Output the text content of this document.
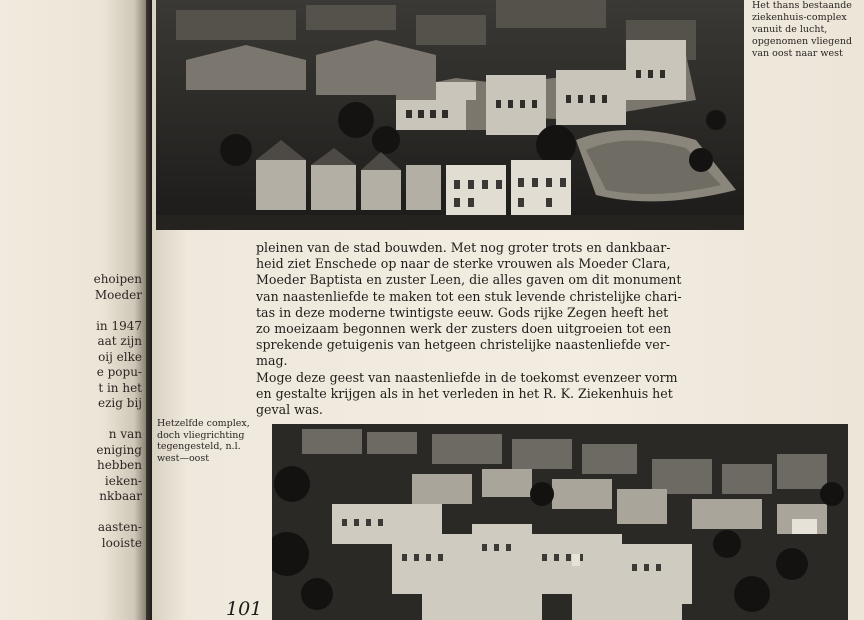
ehoipen
Moeder
in 1947
aat zijn
oij elke
e popu-
t in het
ezig bij
n van
eniging
hebben
ieken-
nkbaar
aasten-
looiste
Het thans bestaande
ziekenhuis-complex
vanuit de lucht,
opgenomen vliegend
van oost naar west
pleinen van de stad bouwden. Met nog groter trots en dankbaar-
heid ziet Enschede op naar de sterke vrouwen als Moeder Clara,
Moeder Baptista en zuster Leen, die alles gaven om dit monument
van naastenliefde te maken tot een stuk levende christelijke chari-
tas in deze moderne twintigste eeuw. Gods rijke Zegen heeft het
zo moeizaam begonnen werk der zusters doen uitgroeien tot een
sprekende getuigenis van hetgeen christelijke naastenliefde ver-
mag.
Moge deze geest van naastenliefde in de toekomst evenzeer vorm
en gestalte krijgen als in het verleden in het R. K. Ziekenhuis het
geval was.
Hetzelfde complex,
doch vliegrichting
tegengesteld, n.l.
west—oost
101
